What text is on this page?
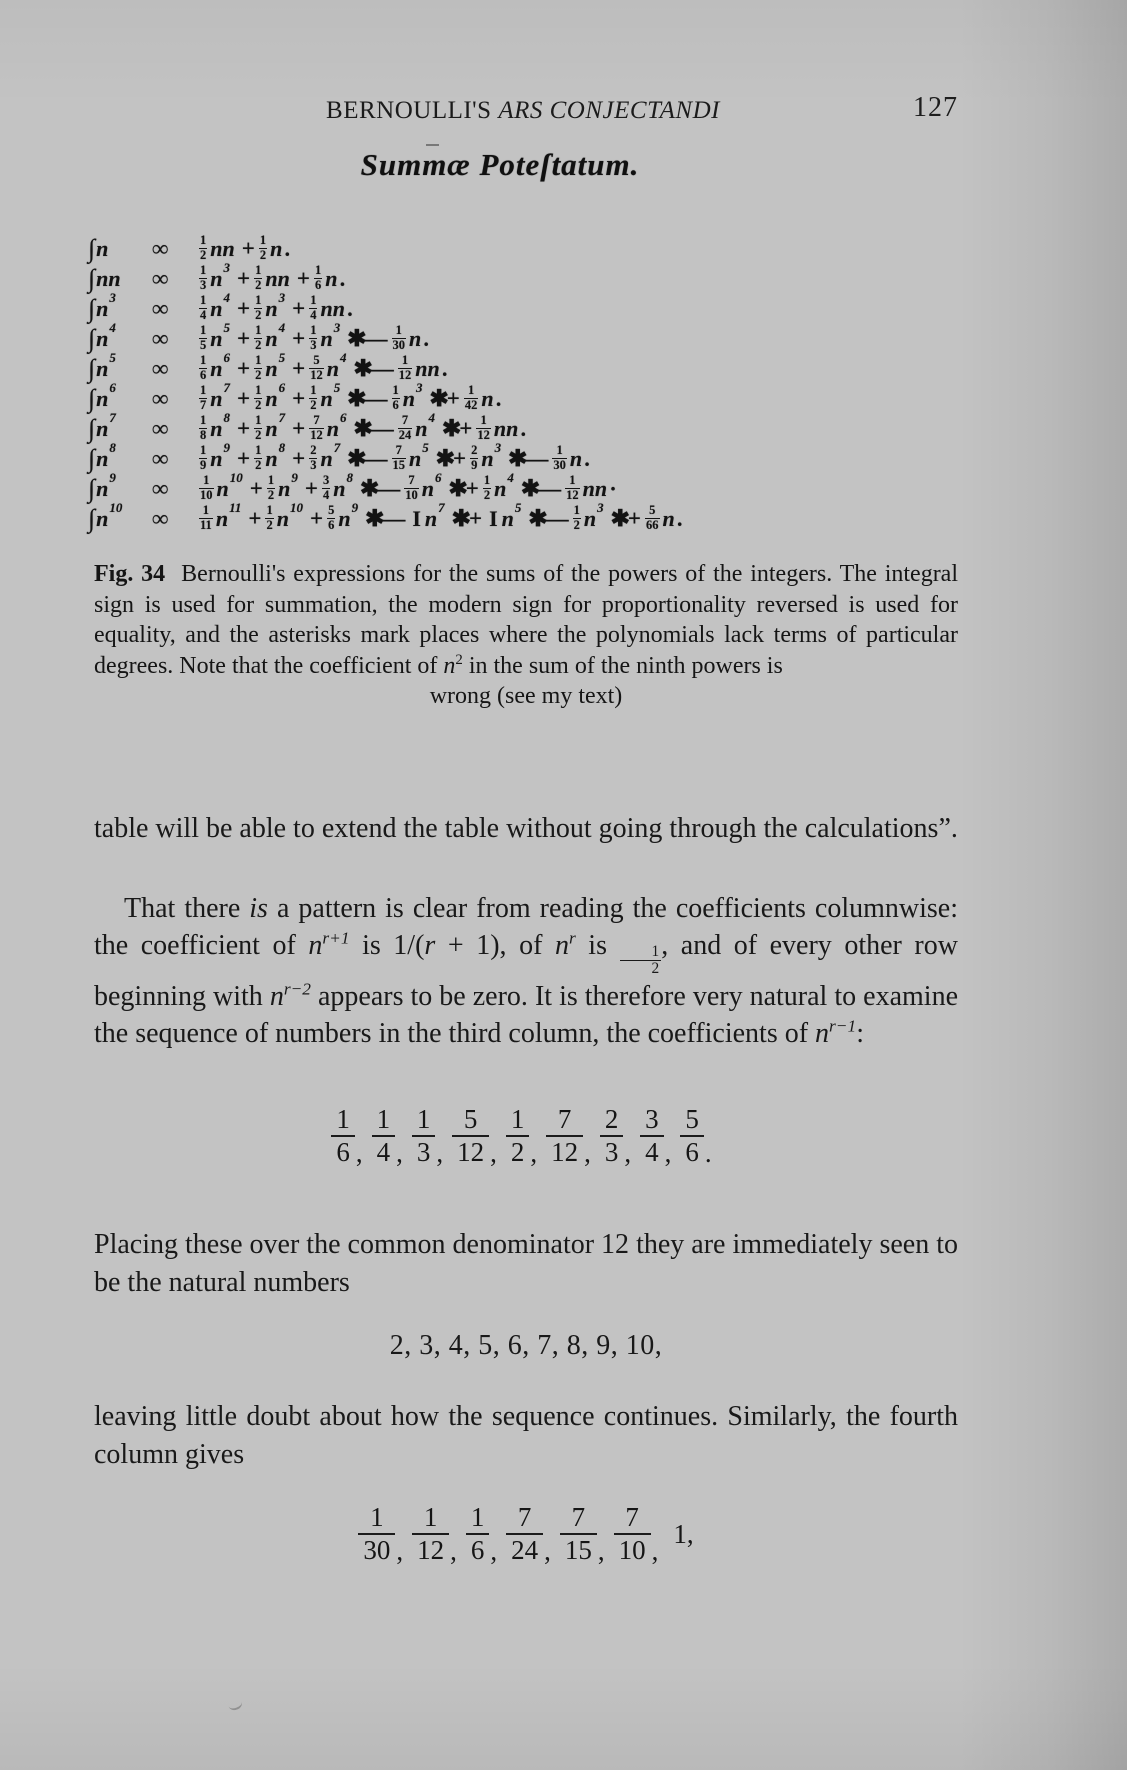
BERNOULLI'S ARS CONJECTANDI	127
Summæ Poteſtatum.
∫ n ∞	$\frac{1}{2}$ nn + $\frac{1}{2}$ n .
∫ nn ∞	$\frac{1}{3}$ n $3 + \frac{1}{2}$ nn + $\frac{1}{6}$ n .
∫ n 3 ∞	$\frac{1}{4}$ n $4 + \frac{1}{2}$ n $3 + \frac{1}{4}$ nn .
∫ n 4 ∞	$\frac{1}{5}$ n $5 + \frac{1}{2}$ n $4 + \frac{1}{3}$ n 3 ✱— $\frac{1}{30}$ n .
∫ n 5 ∞	$\frac{1}{6}$ n $6 + \frac{1}{2}$ n $5 + \frac{5}{12}$ n 4 ✱— $\frac{1}{12}$ nn .
∫ n 6 ∞	$\frac{1}{7}$ n $7 + \frac{1}{2}$ n $6 + \frac{1}{2}$ n 5 ✱— $\frac{1}{6}$ n 3 ✱+ $\frac{1}{42}$ n .
∫ n 7 ∞	$\frac{1}{8}$ n $8 + \frac{1}{2}$ n $7 + \frac{7}{12}$ n 6 ✱— $\frac{7}{24}$ n 4 ✱+ $\frac{1}{12}$ nn .
∫ n 8 ∞	$\frac{1}{9}$ n $9 + \frac{1}{2}$ n $8 + \frac{2}{3}$ n 7 ✱— $\frac{7}{15}$ n 5 ✱+ $\frac{2}{9}$ n 3 ✱— $\frac{1}{30}$ n .
∫ n 9 ∞	$\frac{1}{10}$ n $10 + \frac{1}{2}$ n $9 + \frac{3}{4}$ n 8 ✱— $\frac{7}{10}$ n 6 ✱+ $\frac{1}{2}$ n 4 ✱— $\frac{1}{12}$ nn ·
∫ n 10 ∞	$\frac{1}{11}$ n $11 + \frac{1}{2}$ n $10 + \frac{5}{6}$ n 9 ✱— I n 7 ✱+ I n 5 ✱— $\frac{1}{2}$ n 3 ✱+ $\frac{5}{66}$ n .
Fig. 34 Bernoulli's expressions for the sums of the powers of the integers. The integral sign is used for summation, the modern sign for proportionality reversed is used for equality, and the asterisks mark places where the polynomials lack terms of particular degrees. Note that the coefficient of $n^2$ in the sum of the ninth powers is
wrong (see my text)
table will be able to extend the table without going through the calculations”.
That there is a pattern is clear from reading the coefficients columnwise: the coefficient of $n^{r+1}$ is 1/(r + 1), of $n^r$ is $\frac{1}{2}$ , and of every other row beginning with $n^{r-2}$ appears to be zero. It is therefore very natural to examine the sequence of numbers in the third column, the coefficients of $n^{r-1}$:
$\frac{1}{6}$ , $\frac{1}{4}$ , $\frac{1}{3}$ , $\frac{5}{12}$ , $\frac{1}{2}$ , $\frac{7}{12}$ , $\frac{2}{3}$ , $\frac{3}{4}$ , $\frac{5}{6}$ .
Placing these over the common denominator 12 they are immediately seen to be the natural numbers
2, 3, 4, 5, 6, 7, 8, 9, 10,
leaving little doubt about how the sequence continues. Similarly, the fourth column gives
$\frac{1}{30}$ , $\frac{1}{12}$ , $\frac{1}{6}$ , $\frac{7}{24}$ , $\frac{7}{15}$ , $\frac{7}{10}$ ,
1,
